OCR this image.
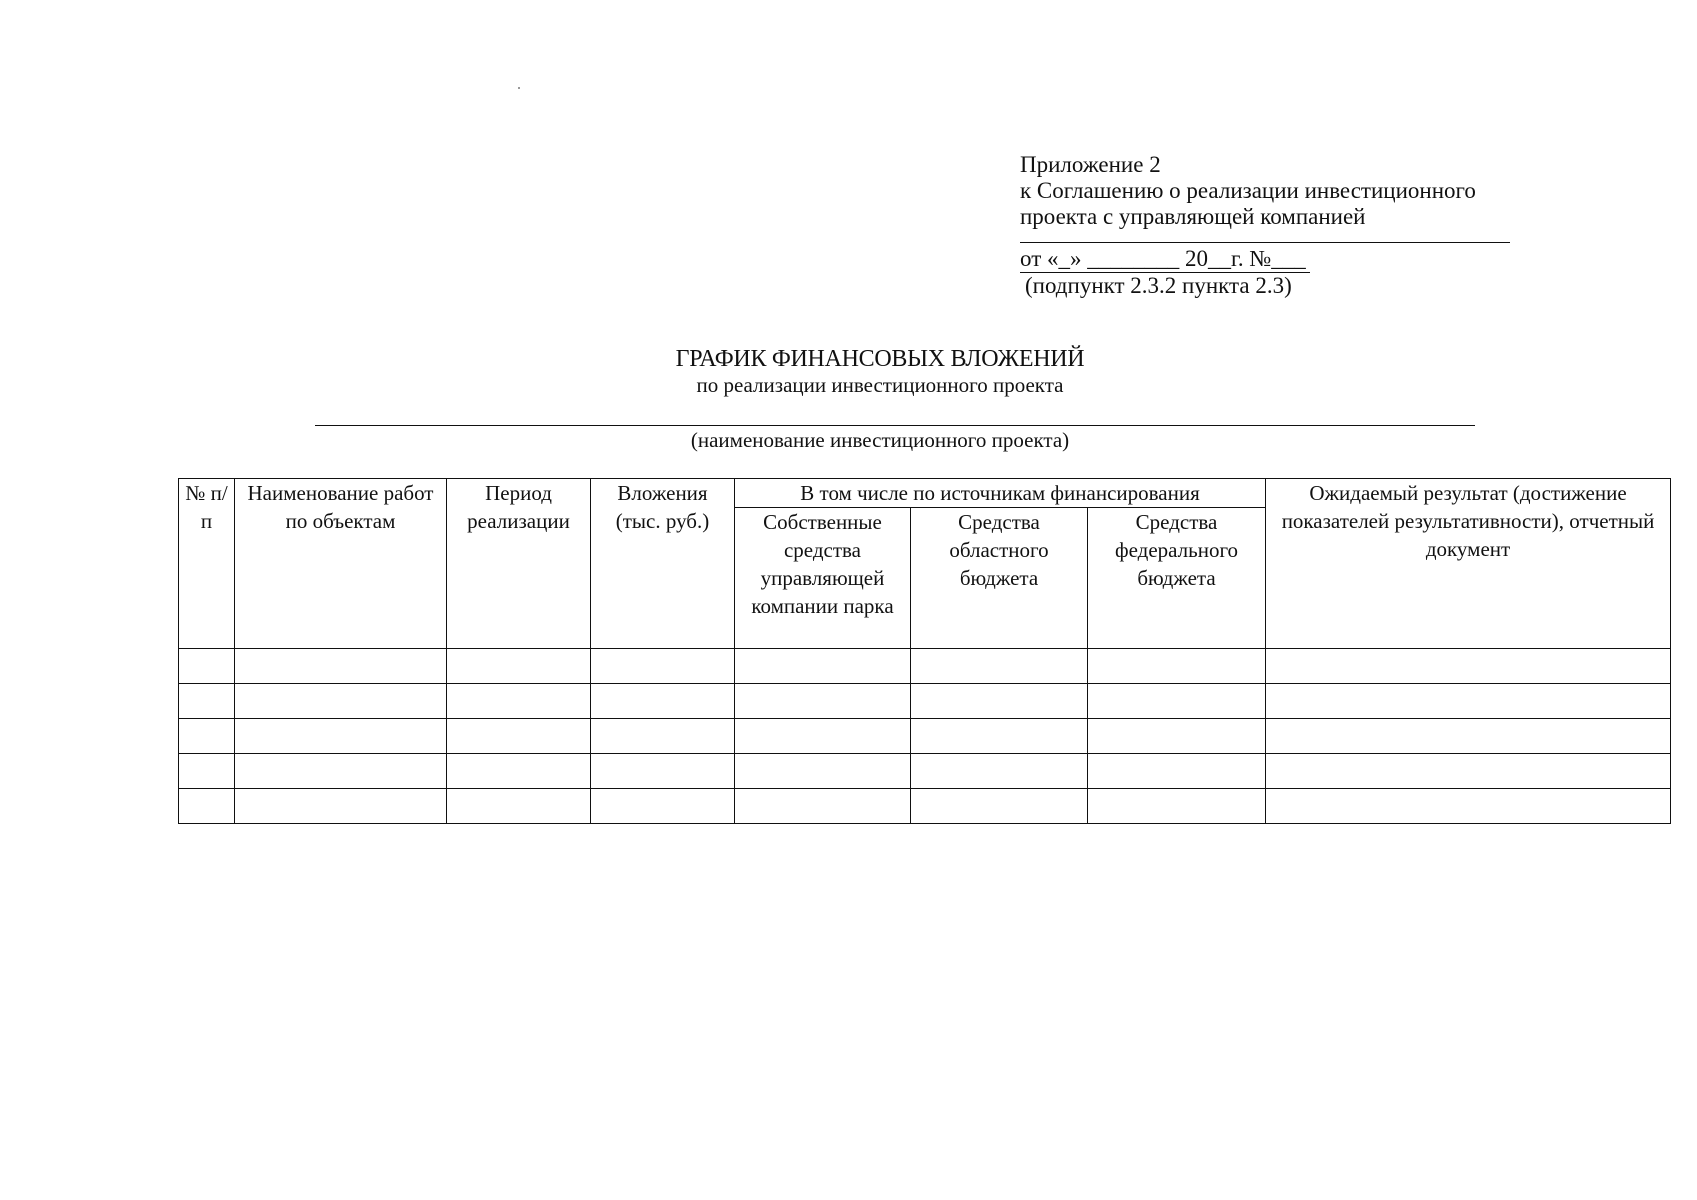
Приложение 2
к Соглашению о реализации инвестиционного
проекта с управляющей компанией
от «_» ________ 20__г. №___
(подпункт 2.3.2 пункта 2.3)
ГРАФИК ФИНАНСОВЫХ ВЛОЖЕНИЙ
по реализации инвестиционного проекта
(наименование инвестиционного проекта)
№ п/п	Наименование работ по объектам	Период реализации	Вложения (тыс. руб.)	В том числе по источникам финансирования			Ожидаемый результат (достижение показателей результативности), отчетный документ
				Собственные средства управляющей компании парка	Средства областного бюджета	Средства федерального бюджета	
